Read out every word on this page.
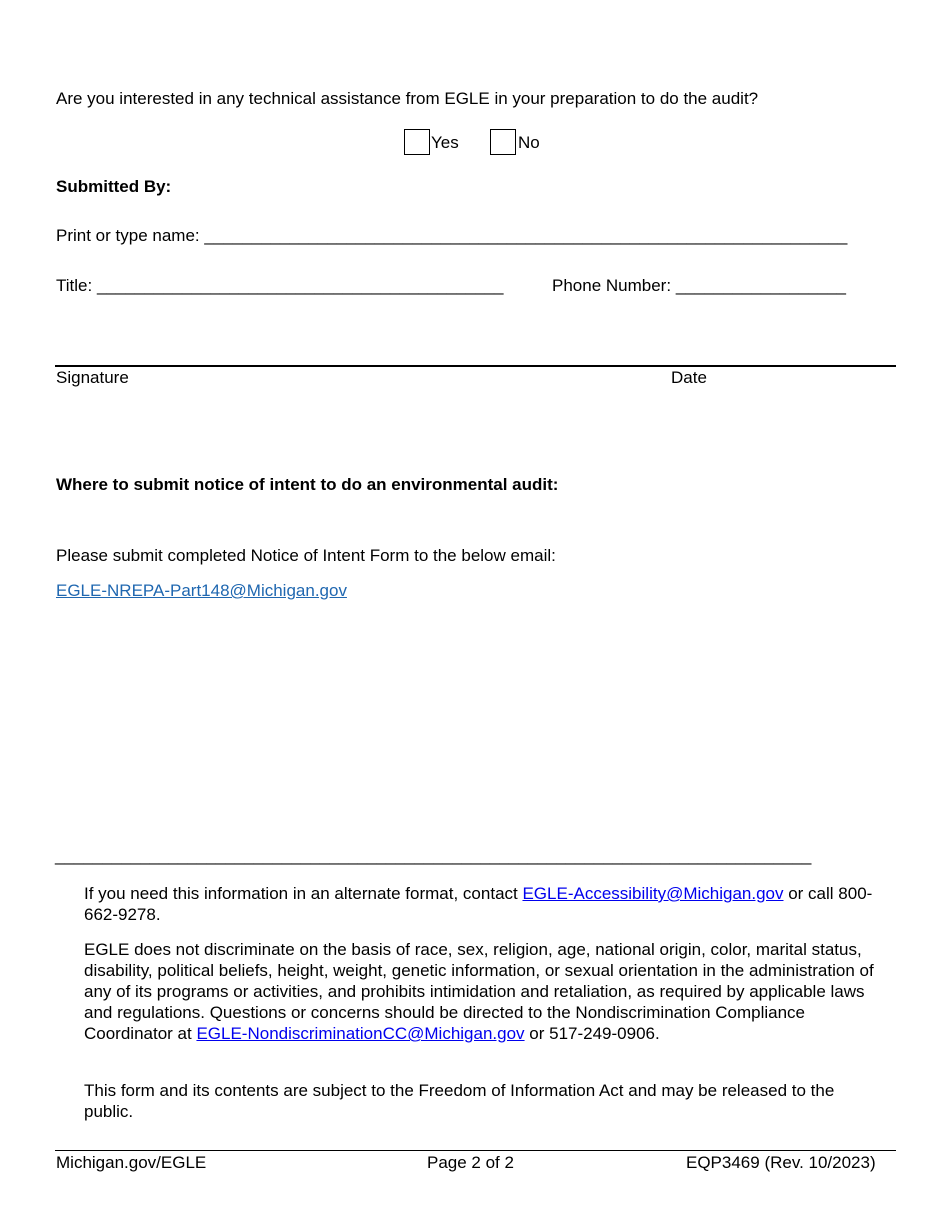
Are you interested in any technical assistance from EGLE in your preparation to do the audit?
Yes	No
Submitted By:
Print or type name: ____________________________________________________________________
Title: ___________________________________________	Phone Number: __________________
Signature	Date
Where to submit notice of intent to do an environmental audit:
Please submit completed Notice of Intent Form to the below email:
EGLE-NREPA-Part148@Michigan.gov
________________________________________________________________________________

If you need this information in an alternate format, contact EGLE-Accessibility@Michigan.gov or call 800-662-9278.

EGLE does not discriminate on the basis of race, sex, religion, age, national origin, color, marital status, disability, political beliefs, height, weight, genetic information, or sexual orientation in the administration of any of its programs or activities, and prohibits intimidation and retaliation, as required by applicable laws and regulations. Questions or concerns should be directed to the Nondiscrimination Compliance Coordinator at EGLE-NondiscriminationCC@Michigan.gov or 517-249-0906.

This form and its contents are subject to the Freedom of Information Act and may be released to the public.

Michigan.gov/EGLE	Page 2 of 2	EQP3469 (Rev. 10/2023)
